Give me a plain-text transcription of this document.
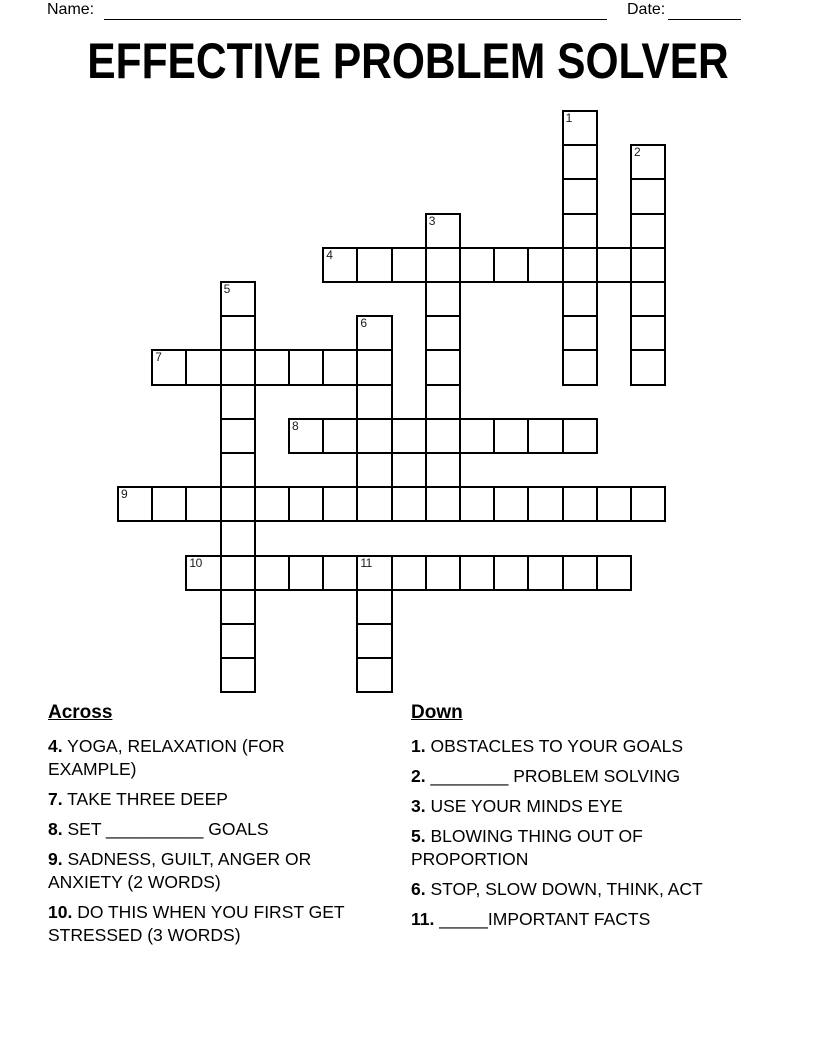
Name:	Date:
EFFECTIVE PROBLEM SOLVER
1
2
3
4
5
6
7
8
9
10	11
Across
4. YOGA, RELAXATION (FOR EXAMPLE)
7. TAKE THREE DEEP
8. SET __________ GOALS
9. SADNESS, GUILT, ANGER OR ANXIETY (2 WORDS)
10. DO THIS WHEN YOU FIRST GET STRESSED (3 WORDS)
Down
1. OBSTACLES TO YOUR GOALS
2. ________ PROBLEM SOLVING
3. USE YOUR MINDS EYE
5. BLOWING THING OUT OF PROPORTION
6. STOP, SLOW DOWN, THINK, ACT
11. _____IMPORTANT FACTS
